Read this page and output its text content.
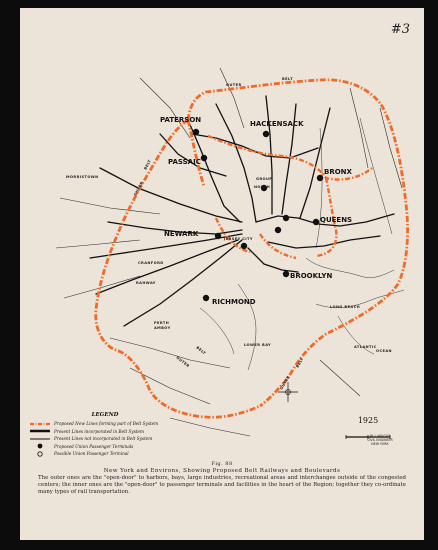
#3
OUTER
BELT
OUTER
BELT
OUTER
BELT
OUTER
BELT
PATERSON
PASSAIC
HACKENSACK
NEWARK
BRONX
QUEENS
BROOKLYN
RICHMOND
JERSEY CITY
GROUP
NORTH
CRANFORD
ATLANTIC
OCEAN
PERTH
AMBOY
RAHWAY
LONG BEACH
LOWER BAY
MORRISTOWN
LEGEND
Proposed New Lines forming part of Belt System
Present Lines incorporated in Belt System
Present Lines not incorporated in Belt System
Proposed Union Passenger Terminals
Possible Union Passenger Terminal
1925
W. J. WILGUS
CIVIL ENGINEER
NEW YORK
Fig. 88
New York and Environs, Showing Proposed Belt Railways and Boulevards
The outer ones are the "open-door" to harbors, bays, large industries, recreational areas and interchanges outside of the congested centers; the inner ones are the "open-door" to passenger terminals and facilities in the heart of the Region; together they co-ordinate many types of rail transportation.
